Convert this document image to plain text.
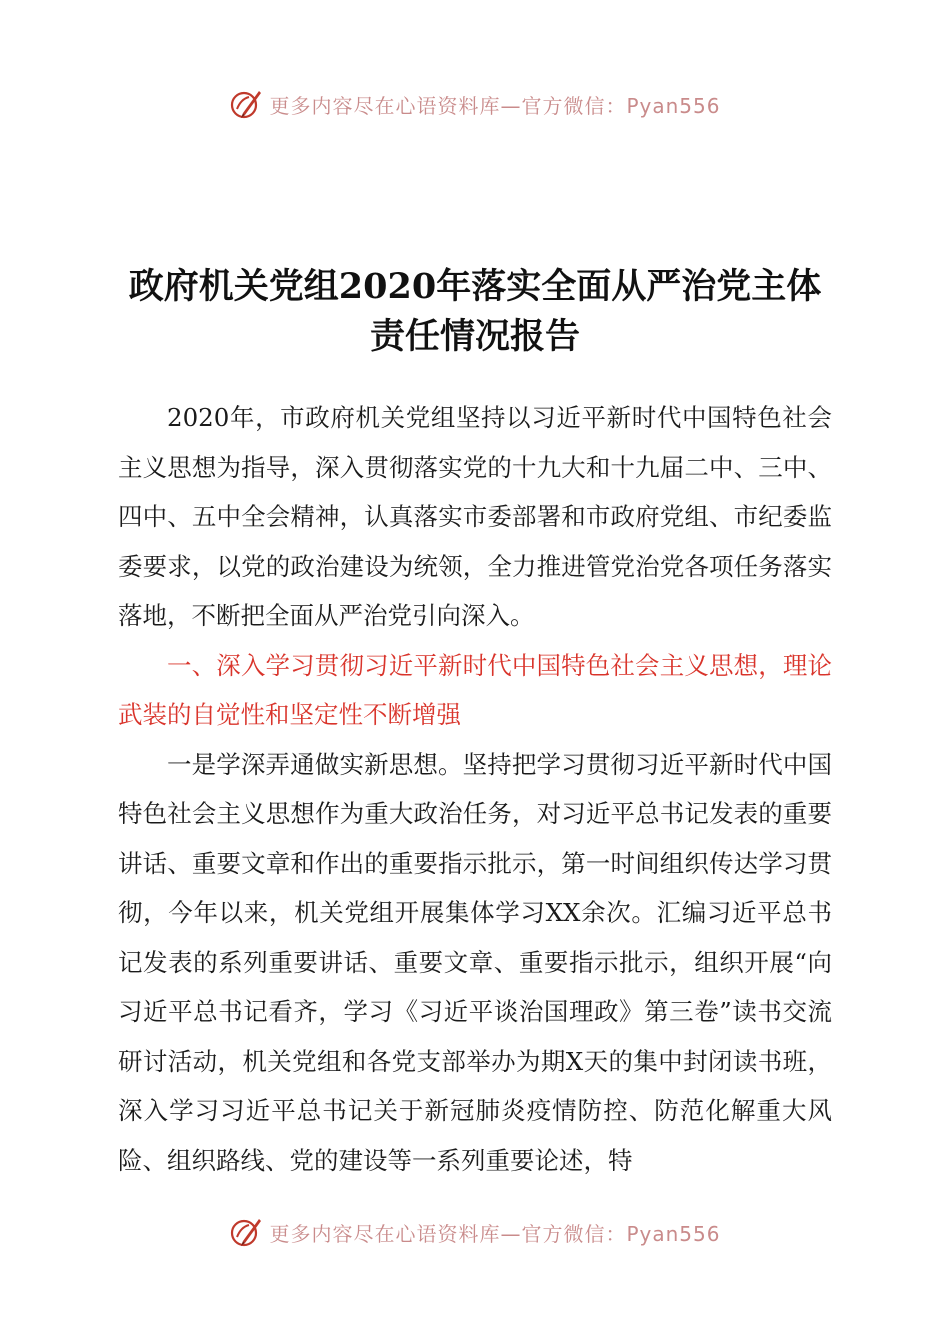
更多内容尽在心语资料库—官方微信：Pyan556
政府机关党组2020年落实全面从严治党主体
责任情况报告

2020年，市政府机关党组坚持以习近平新时代中国特色社会主义思想为指导，深入贯彻落实党的十九大和十九届二中、三中、四中、五中全会精神，认真落实市委部署和市政府党组、市纪委监委要求，以党的政治建设为统领，全力推进管党治党各项任务落实落地，不断把全面从严治党引向深入。

一、深入学习贯彻习近平新时代中国特色社会主义思想，理论武装的自觉性和坚定性不断增强

一是学深弄通做实新思想。坚持把学习贯彻习近平新时代中国特色社会主义思想作为重大政治任务，对习近平总书记发表的重要讲话、重要文章和作出的重要指示批示，第一时间组织传达学习贯彻，今年以来，机关党组开展集体学习XX余次。汇编习近平总书记发表的系列重要讲话、重要文章、重要指示批示，组织开展“向习近平总书记看齐，学习《习近平谈治国理政》第三卷”读书交流研讨活动，机关党组和各党支部举办为期X天的集中封闭读书班，深入学习习近平总书记关于新冠肺炎疫情防控、防范化解重大风险、组织路线、党的建设等一系列重要论述，特

更多内容尽在心语资料库—官方微信：Pyan556
